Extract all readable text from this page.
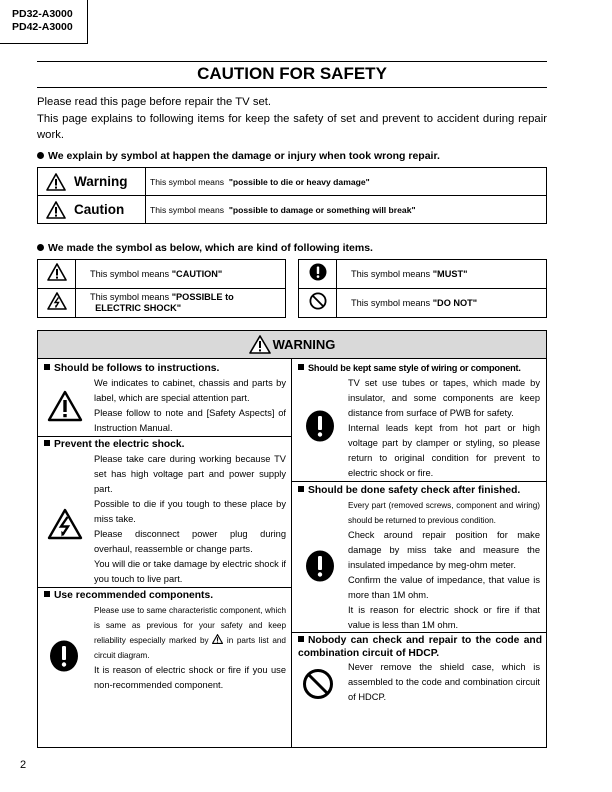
PD32-A3000
PD42-A3000
CAUTION FOR SAFETY

Please read this page before repair the TV set.

This page explains to following items for keep the safety of set and prevent to accident during repair work.

We explain by symbol at happen the damage or injury when took wrong repair.
Warning	This symbol means "possible to die or heavy damage"

Caution	This symbol means "possible to damage or something will break"
We made the symbol as below, which are kind of following items.
	This symbol means "CAUTION"
	This symbol means "POSSIBLE to
ELECTRIC SHOCK"
	This symbol means "MUST"
	This symbol means "DO NOT"
WARNING
Should be follows to instructions.

We indicates to cabinet, chassis and parts by label, which are special attention part.

Please follow to note and [Safety Aspects] of Instruction Manual.

Prevent the electric shock.

Please take care during working because TV set has high voltage part and power supply part.

Possible to die if you tough to these place by miss take.

Please disconnect power plug during overhaul, reassemble or change parts.

You will die or take damage by electric shock if you touch to live part.

Use recommended components.

Please use to same characteristic component, which is same as previous for your safety and keep reliability especially marked by in parts list and circuit diagram.

It is reason of electric shock or fire if you use non-recommended component.

Should be kept same style of wiring or component.

TV set use tubes or tapes, which made by insulator, and some components are keep distance from surface of PWB for safety.

Internal leads kept from hot part or high voltage part by clamper or styling, so please return to original condition for prevent to electric shock or fire.

Should be done safety check after finished.

Every part (removed screws, component and wiring) should be returned to previous condition.

Check around repair position for make damage by miss take and measure the insulated impedance by meg-ohm meter.

Confirm the value of impedance, that value is more than 1M ohm.

It is reason for electric shock or fire if that value is less than 1M ohm.

Nobody can check and repair to the code and combination circuit of HDCP.

Never remove the shield case, which is assembled to the code and combination circuit of HDCP.

2
